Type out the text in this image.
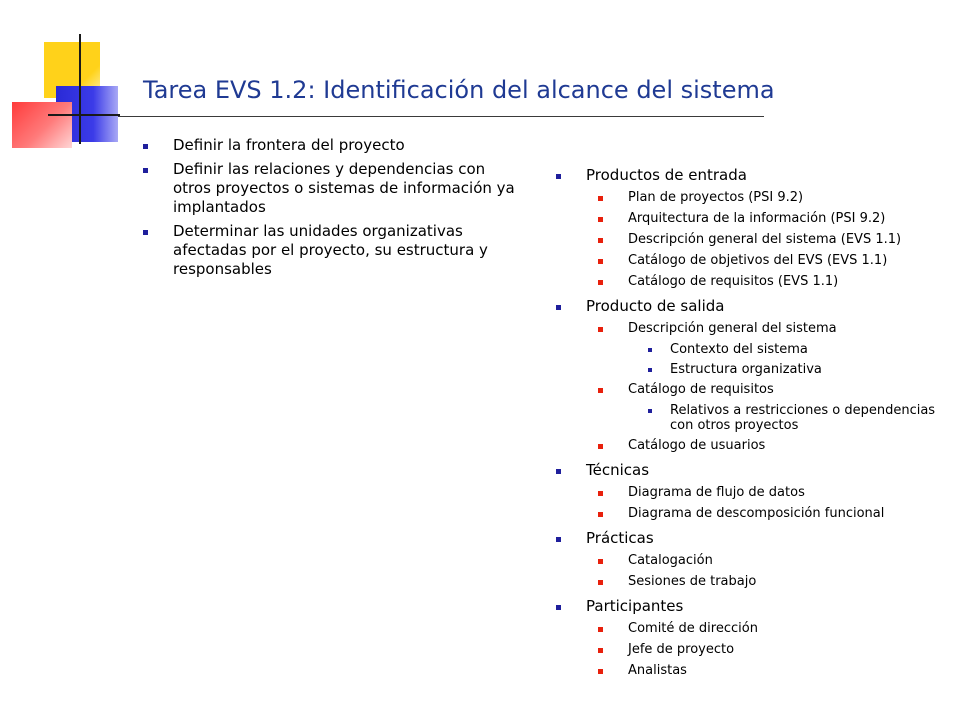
Tarea EVS 1.2: Identificación del alcance del sistema
Definir la frontera del proyecto
Definir las relaciones y dependencias con otros proyectos o sistemas de información ya implantados
Determinar las unidades organizativas afectadas por el proyecto, su estructura y responsables
Productos de entrada
Plan de proyectos (PSI 9.2)
Arquitectura de la información (PSI 9.2)
Descripción general del sistema (EVS 1.1)
Catálogo de objetivos del EVS (EVS 1.1)
Catálogo de requisitos (EVS 1.1)
Producto de salida
Descripción general del sistema
Contexto del sistema
Estructura organizativa
Catálogo de requisitos
Relativos a restricciones o dependencias con otros proyectos
Catálogo de usuarios
Técnicas
Diagrama de flujo de datos
Diagrama de descomposición funcional
Prácticas
Catalogación
Sesiones de trabajo
Participantes
Comité de dirección
Jefe de proyecto
Analistas
